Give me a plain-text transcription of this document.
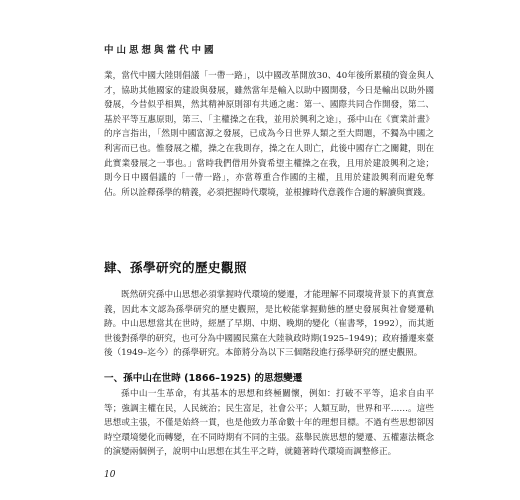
中山思想與當代中國

業，當代中國大陸則倡議「一帶一路」，以中國改革開放30、40年後所累積的資金與人才，協助其他國家的建設與發展，雖然當年是輸入以助中國開發，今日是輸出以助外國發展，今昔似乎相異，然其精神原則卻有共通之處：第一、國際共同合作開發，第二、基於平等互惠原則，第三、「主權操之在我，並用於興利之途」，孫中山在《實業計畫》的序言指出，「然則中國富源之發展，已成為今日世界人類之至大問題，不獨為中國之利害而已也。惟發展之權，操之在我則存，操之在人則亡，此後中國存亡之關鍵，則在此實業發展之一事也。」當時我們借用外資希望主權操之在我，且用於建設興利之途；則今日中國倡議的「一帶一路」，亦當尊重合作國的主權，且用於建設興利而避免奪佔。所以詮釋孫學的精義，必須把握時代環境，並根據時代意義作合適的解讀與實踐。

肆、孫學研究的歷史觀照

既然研究孫中山思想必須掌握時代環境的變遷，才能理解不同環境背景下的真實意義，因此本文認為孫學研究的歷史觀照，是比較能掌握動態的歷史發展與社會變遷軌跡。中山思想當其在世時，經歷了早期、中期、晚期的變化（崔書琴，1992），而其逝世後對孫學的研究，也可分為中國國民黨在大陸執政時期(1925–1949)；政府播遷來臺後（1949–迄今）的孫學研究。本節將分為以下三個階段進行孫學研究的歷史觀照。

一、孫中山在世時 (1866–1925) 的思想變遷

孫中山一生革命，有其基本的思想和終極關懷，例如：打破不平等，追求自由平等；強調主權在民，人民統治；民生富足，社會公平；人類互助，世界和平……。這些思想或主張，不僅是始終一貫，也是他致力革命數十年的理想目標。不過有些思想卻因時空環境變化而轉變，在不同時期有不同的主張。茲舉民族思想的變遷、五權憲法概念的演變兩個例子，說明中山思想在其生平之時，就隨著時代環境而調整修正。

10
